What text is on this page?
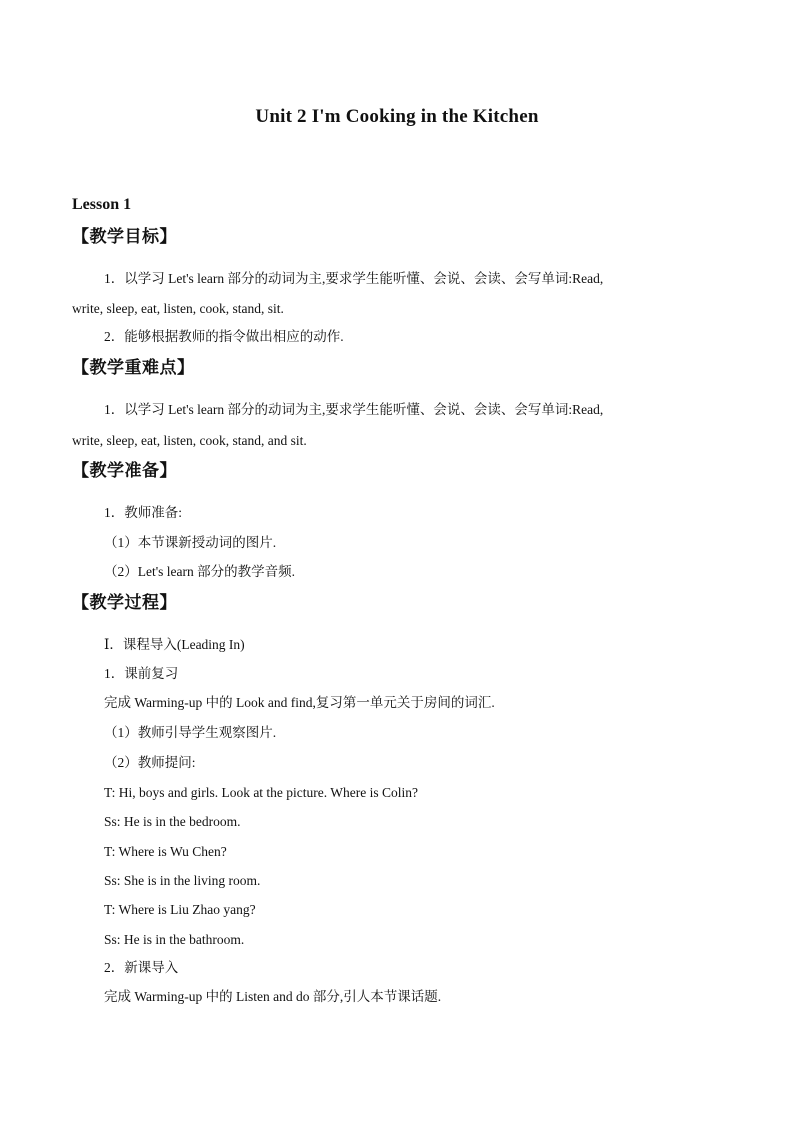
Unit 2 I'm Cooking in the Kitchen
Lesson 1
【教学目标】
1．以学习 Let's learn 部分的动词为主,要求学生能听懂、会说、会读、会写单词:Read,
write, sleep, eat, listen, cook, stand, sit.
2．能够根据教师的指令做出相应的动作.
【教学重难点】
1．以学习 Let's learn 部分的动词为主,要求学生能听懂、会说、会读、会写单词:Read,
write, sleep, eat, listen, cook, stand, and sit.
【教学准备】
1．教师准备:
（1）本节课新授动词的图片.
（2）Let's learn 部分的教学音频.
【教学过程】
Ⅰ．课程导入(Leading In)
1．课前复习
完成 Warming-up 中的 Look and find,复习第一单元关于房间的词汇.
（1）教师引导学生观察图片.
（2）教师提问:
T: Hi, boys and girls. Look at the picture. Where is Colin?
Ss: He is in the bedroom.
T: Where is Wu Chen?
Ss: She is in the living room.
T: Where is Liu Zhao yang?
Ss: He is in the bathroom.
2．新课导入
完成 Warming-up 中的 Listen and do 部分,引人本节课话题.
